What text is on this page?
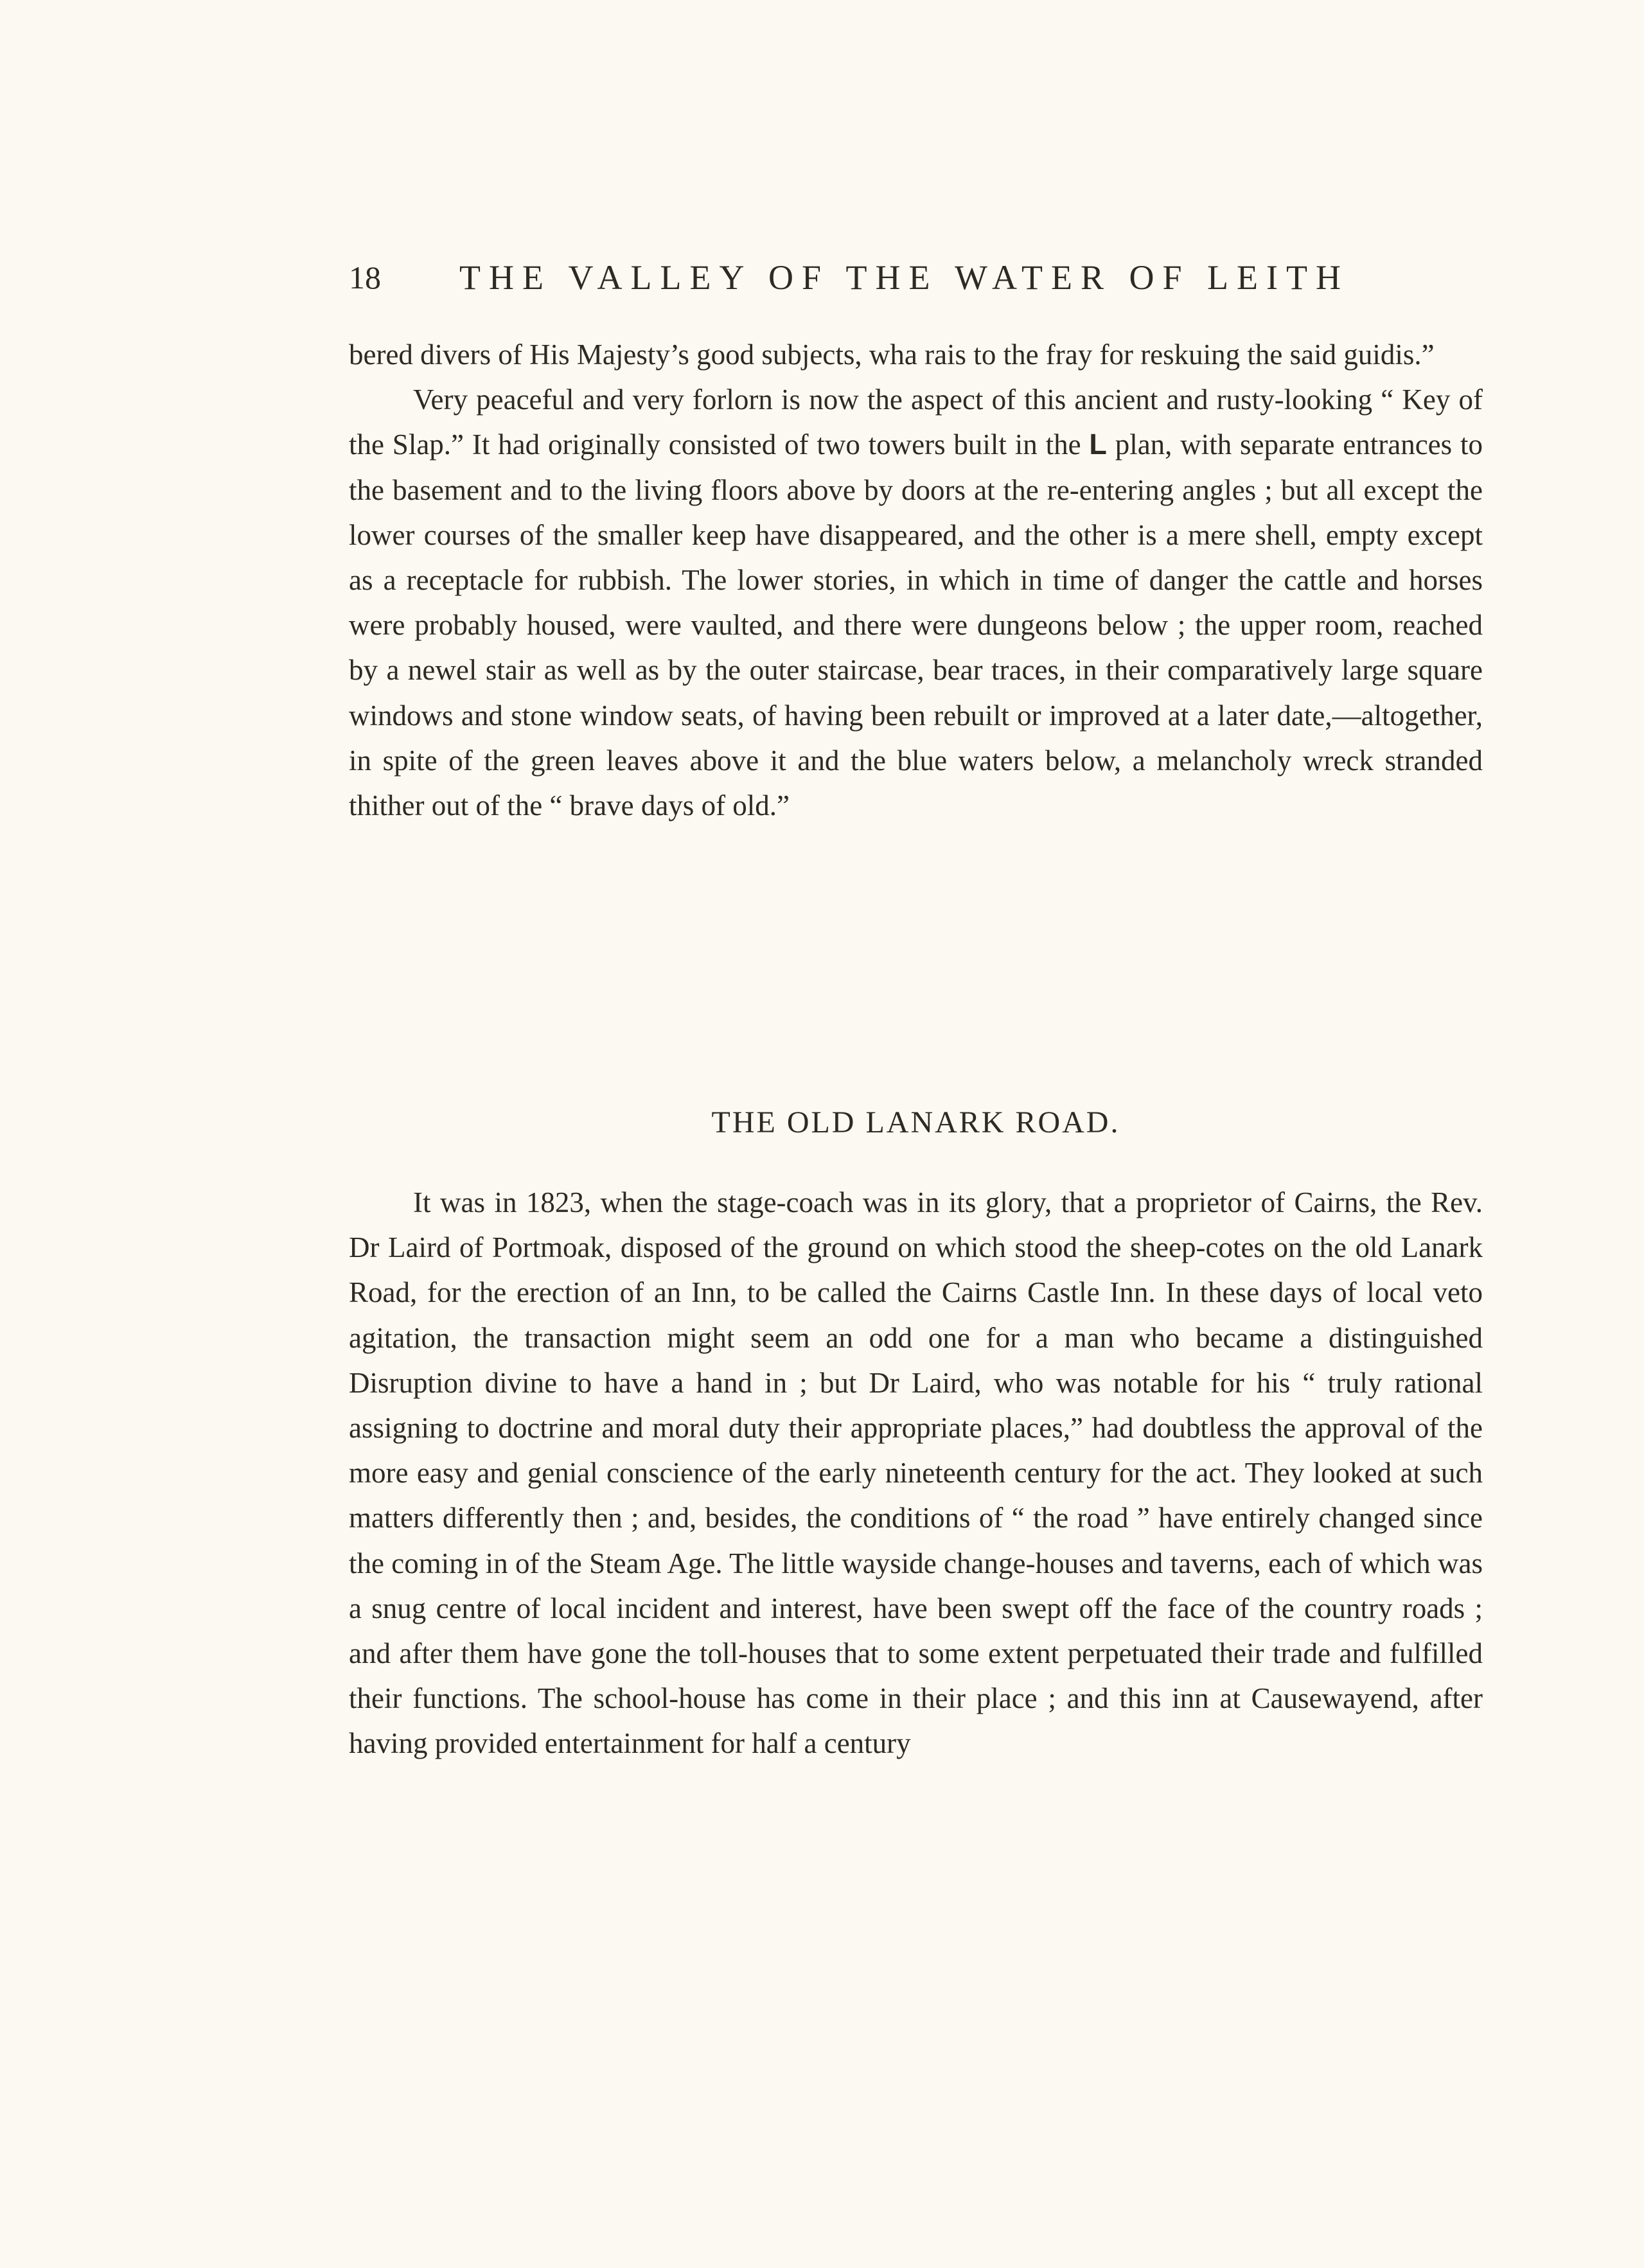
18 THE VALLEY OF THE WATER OF LEITH

bered divers of His Majesty’s good subjects, wha rais to the fray for reskuing the said guidis.”

Very peaceful and very forlorn is now the aspect of this ancient and rusty-looking “ Key of the Slap.” It had originally consisted of two towers built in the L plan, with separate entrances to the basement and to the living floors above by doors at the re-entering angles ; but all except the lower courses of the smaller keep have disappeared, and the other is a mere shell, empty except as a receptacle for rubbish. The lower stories, in which in time of danger the cattle and horses were probably housed, were vaulted, and there were dungeons below ; the upper room, reached by a newel stair as well as by the outer staircase, bear traces, in their comparatively large square windows and stone window seats, of having been rebuilt or improved at a later date,—altogether, in spite of the green leaves above it and the blue waters below, a melancholy wreck stranded thither out of the “ brave days of old.”

THE OLD LANARK ROAD.

It was in 1823, when the stage-coach was in its glory, that a proprietor of Cairns, the Rev. Dr Laird of Portmoak, disposed of the ground on which stood the sheep-cotes on the old Lanark Road, for the erection of an Inn, to be called the Cairns Castle Inn. In these days of local veto agitation, the transaction might seem an odd one for a man who became a distinguished Disruption divine to have a hand in ; but Dr Laird, who was notable for his “ truly rational assigning to doctrine and moral duty their appropriate places,” had doubtless the approval of the more easy and genial conscience of the early nineteenth century for the act. They looked at such matters differently then ; and, besides, the conditions of “ the road ” have entirely changed since the coming in of the Steam Age. The little wayside change-houses and taverns, each of which was a snug centre of local incident and interest, have been swept off the face of the country roads ; and after them have gone the toll-houses that to some extent perpetuated their trade and fulfilled their functions. The school-house has come in their place ; and this inn at Causewayend, after having provided entertainment for half a century
